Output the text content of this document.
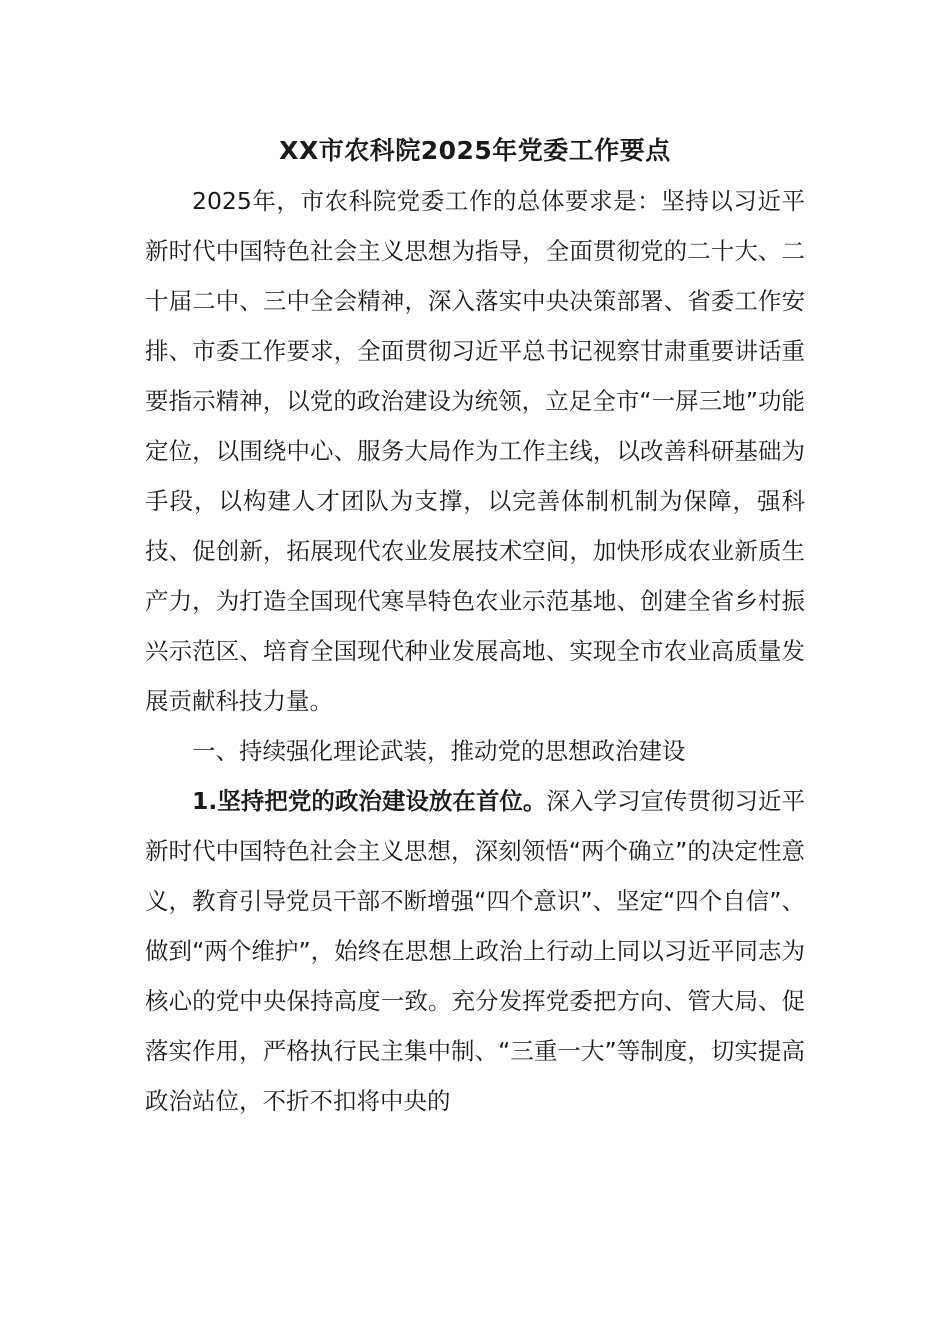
XX市农科院2025年党委工作要点

2025年，市农科院党委工作的总体要求是：坚持以习近平新时代中国特色社会主义思想为指导，全面贯彻党的二十大、二十届二中、三中全会精神，深入落实中央决策部署、省委工作安排、市委工作要求，全面贯彻习近平总书记视察甘肃重要讲话重要指示精神，以党的政治建设为统领，立足全市“一屏三地”功能定位，以围绕中心、服务大局作为工作主线，以改善科研基础为手段，以构建人才团队为支撑，以完善体制机制为保障，强科技、促创新，拓展现代农业发展技术空间，加快形成农业新质生产力，为打造全国现代寒旱特色农业示范基地、创建全省乡村振兴示范区、培育全国现代种业发展高地、实现全市农业高质量发展贡献科技力量。

一、持续强化理论武装，推动党的思想政治建设

1.坚持把党的政治建设放在首位。深入学习宣传贯彻习近平新时代中国特色社会主义思想，深刻领悟“两个确立”的决定性意义，教育引导党员干部不断增强“四个意识”、坚定“四个自信”、做到“两个维护”，始终在思想上政治上行动上同以习近平同志为核心的党中央保持高度一致。充分发挥党委把方向、管大局、促落实作用，严格执行民主集中制、“三重一大”等制度，切实提高政治站位，不折不扣将中央的
